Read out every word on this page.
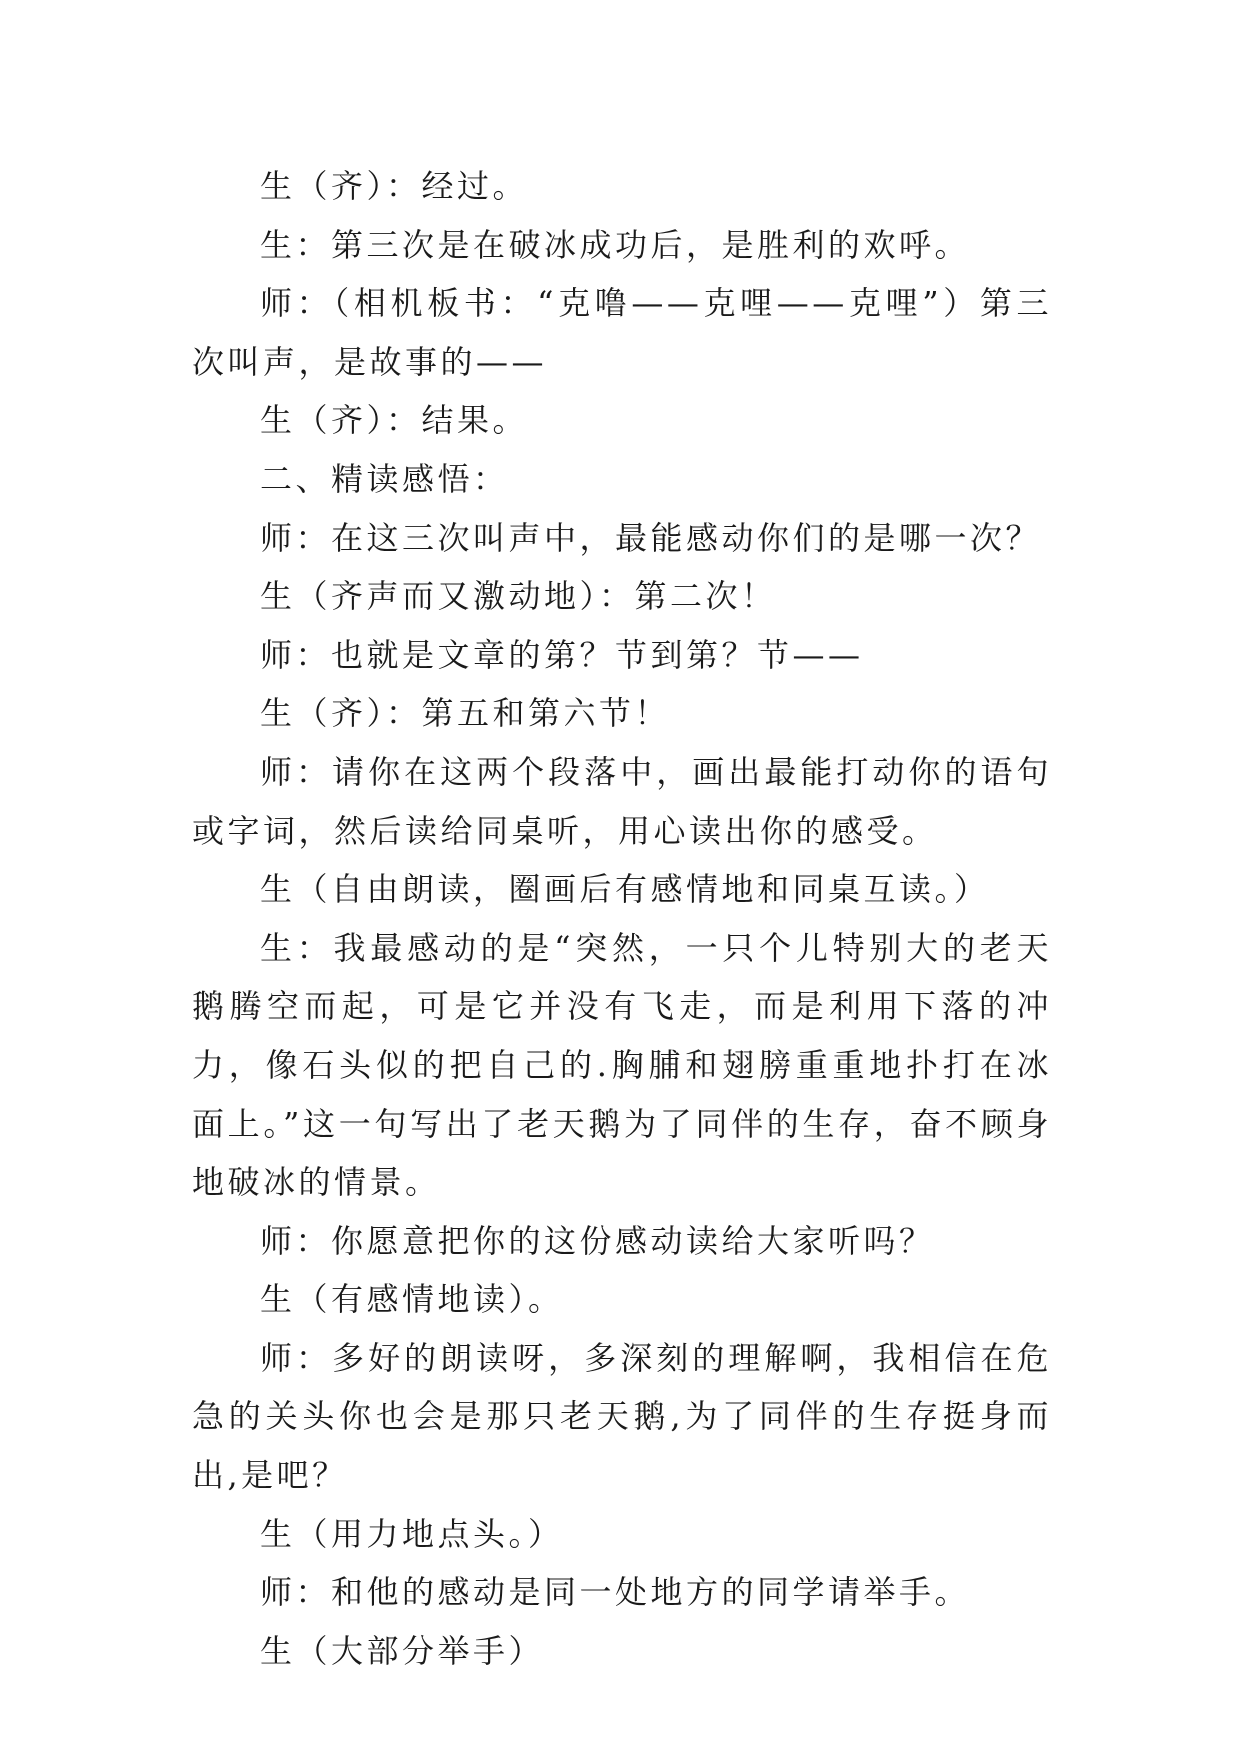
生（齐）：经过。

生：第三次是在破冰成功后，是胜利的欢呼。

师：（相机板书：“克噜——克哩——克哩”）第三次叫声，是故事的——

生（齐）：结果。

二、精读感悟：

师：在这三次叫声中，最能感动你们的是哪一次？

生（齐声而又激动地）：第二次！

师：也就是文章的第？节到第？节——

生（齐）：第五和第六节！

师：请你在这两个段落中，画出最能打动你的语句或字词，然后读给同桌听，用心读出你的感受。

生（自由朗读，圈画后有感情地和同桌互读。）

生：我最感动的是“突然，一只个儿特别大的老天鹅腾空而起，可是它并没有飞走，而是利用下落的冲力，像石头似的把自己的.胸脯和翅膀重重地扑打在冰面上。”这一句写出了老天鹅为了同伴的生存，奋不顾身地破冰的情景。

师：你愿意把你的这份感动读给大家听吗？

生（有感情地读）。

师：多好的朗读呀，多深刻的理解啊，我相信在危急的关头你也会是那只老天鹅,为了同伴的生存挺身而出,是吧？

生（用力地点头。）

师：和他的感动是同一处地方的同学请举手。

生（大部分举手）
